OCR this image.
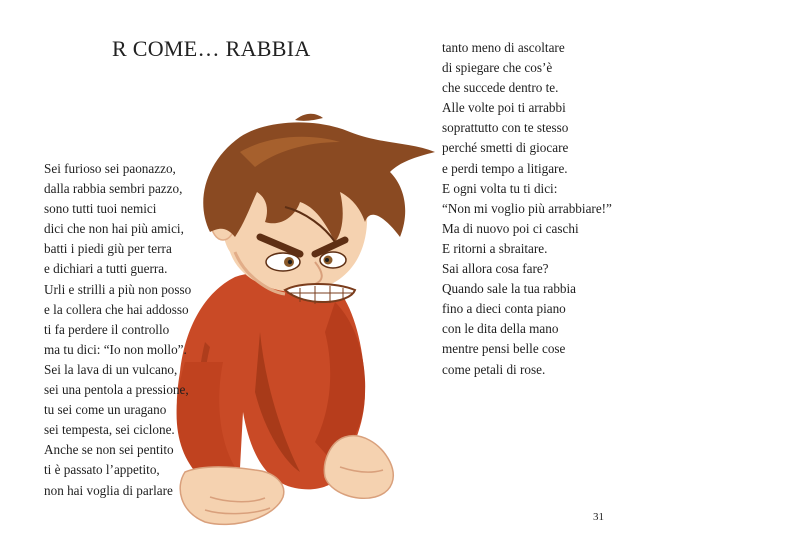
R COME… RABBIA
Sei furioso sei paonazzo,
dalla rabbia sembri pazzo,
sono tutti tuoi nemici
dici che non hai più amici,
batti i piedi giù per terra
e dichiari a tutti guerra.
Urli e strilli a più non posso
e la collera che hai addosso
ti fa perdere il controllo
ma tu dici: “Io non mollo”.
Sei la lava di un vulcano,
sei una pentola a pressione,
tu sei come un uragano
sei tempesta, sei ciclone.
Anche se non sei pentito
ti è passato l’appetito,
non hai voglia di parlare
tanto meno di ascoltare
di spiegare che cos’è
che succede dentro te.
Alle volte poi ti arrabbi
soprattutto con te stesso
perché smetti di giocare
e perdi tempo a litigare.
E ogni volta tu ti dici:
“Non mi voglio più arrabbiare!”
Ma di nuovo poi ci caschi
E ritorni a sbraitare.
Sai allora cosa fare?
Quando sale la tua rabbia
fino a dieci conta piano
con le dita della mano
mentre pensi belle cose
come petali di rose.
31
